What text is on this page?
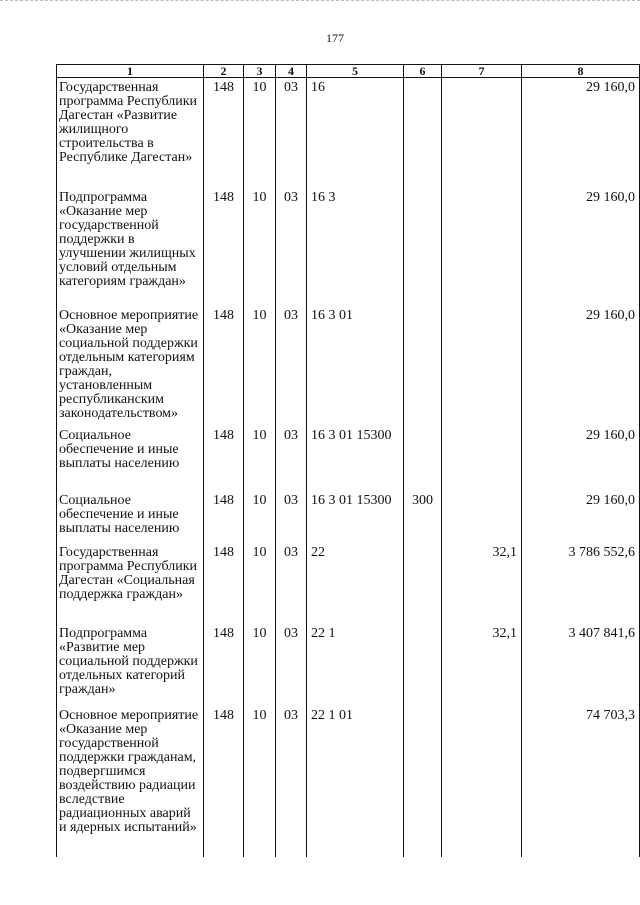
177
1	2	3	4	5	6	7	8
Государственная программа Республики Дагестан «Развитие жилищного строительства в Республике Дагестан»	148	10	03	16			29 160,0
Подпрограмма «Оказание мер государственной поддержки в улучшении жилищных условий отдельным категориям граждан»	148	10	03	16 3			29 160,0
Основное мероприятие «Оказание мер социальной поддержки отдельным категориям граждан, установленным республиканским законодательством»	148	10	03	16 3 01			29 160,0
Социальное обеспечение и иные выплаты населению	148	10	03	16 3 01 15300			29 160,0
Социальное обеспечение и иные выплаты населению	148	10	03	16 3 01 15300	300		29 160,0
Государственная программа Республики Дагестан «Социальная поддержка граждан»	148	10	03	22		32,1	3 786 552,6
Подпрограмма «Развитие мер социальной поддержки отдельных категорий граждан»	148	10	03	22 1		32,1	3 407 841,6
Основное мероприятие «Оказание мер государственной поддержки гражданам, подвергшимся воздействию радиации вследствие радиационных аварий и ядерных испытаний»	148	10	03	22 1 01			74 703,3
